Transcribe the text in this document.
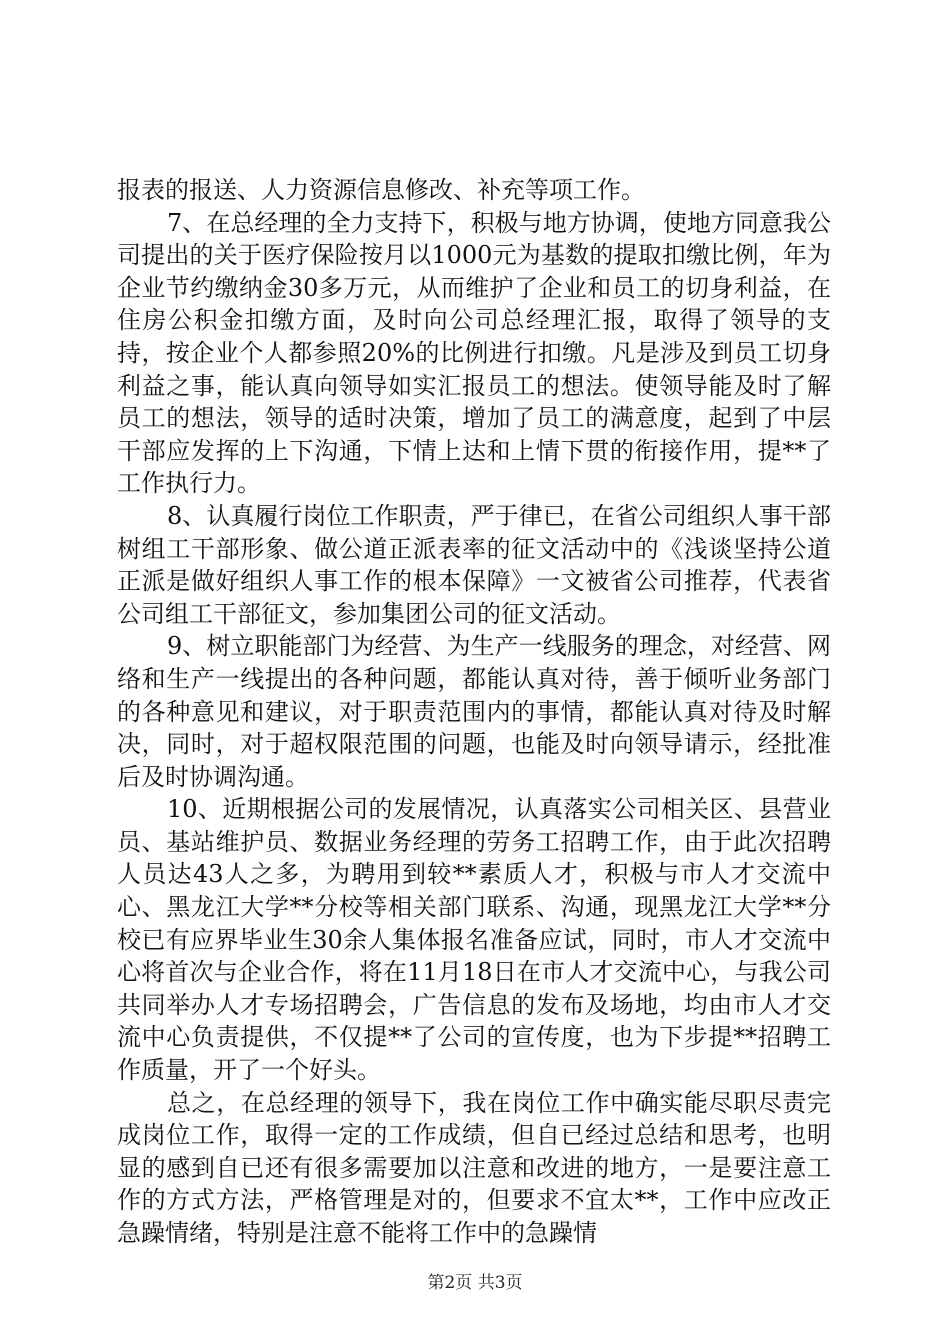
报表的报送、人力资源信息修改、补充等项工作。

7、在总经理的全力支持下，积极与地方协调，使地方同意我公司提出的关于医疗保险按月以1000元为基数的提取扣缴比例，年为企业节约缴纳金30多万元，从而维护了企业和员工的切身利益，在住房公积金扣缴方面，及时向公司总经理汇报，取得了领导的支持，按企业个人都参照20%的比例进行扣缴。凡是涉及到员工切身利益之事，能认真向领导如实汇报员工的想法。使领导能及时了解员工的想法，领导的适时决策，增加了员工的满意度，起到了中层干部应发挥的上下沟通，下情上达和上情下贯的衔接作用，提**了工作执行力。

8、认真履行岗位工作职责，严于律已，在省公司组织人事干部树组工干部形象、做公道正派表率的征文活动中的《浅谈坚持公道正派是做好组织人事工作的根本保障》一文被省公司推荐，代表省公司组工干部征文，参加集团公司的征文活动。

9、树立职能部门为经营、为生产一线服务的理念，对经营、网络和生产一线提出的各种问题，都能认真对待，善于倾听业务部门的各种意见和建议，对于职责范围内的事情，都能认真对待及时解决，同时，对于超权限范围的问题，也能及时向领导请示，经批准后及时协调沟通。

10、近期根据公司的发展情况，认真落实公司相关区、县营业员、基站维护员、数据业务经理的劳务工招聘工作，由于此次招聘人员达43人之多，为聘用到较**素质人才，积极与市人才交流中心、黑龙江大学**分校等相关部门联系、沟通，现黑龙江大学**分校已有应界毕业生30余人集体报名准备应试，同时，市人才交流中心将首次与企业合作，将在11月18日在市人才交流中心，与我公司共同举办人才专场招聘会，广告信息的发布及场地，均由市人才交流中心负责提供，不仅提**了公司的宣传度，也为下步提**招聘工作质量，开了一个好头。

总之，在总经理的领导下，我在岗位工作中确实能尽职尽责完成岗位工作，取得一定的工作成绩，但自已经过总结和思考，也明显的感到自已还有很多需要加以注意和改进的地方，一是要注意工作的方式方法，严格管理是对的，但要求不宜太**，工作中应改正急躁情绪，特别是注意不能将工作中的急躁情

第2页 共3页
